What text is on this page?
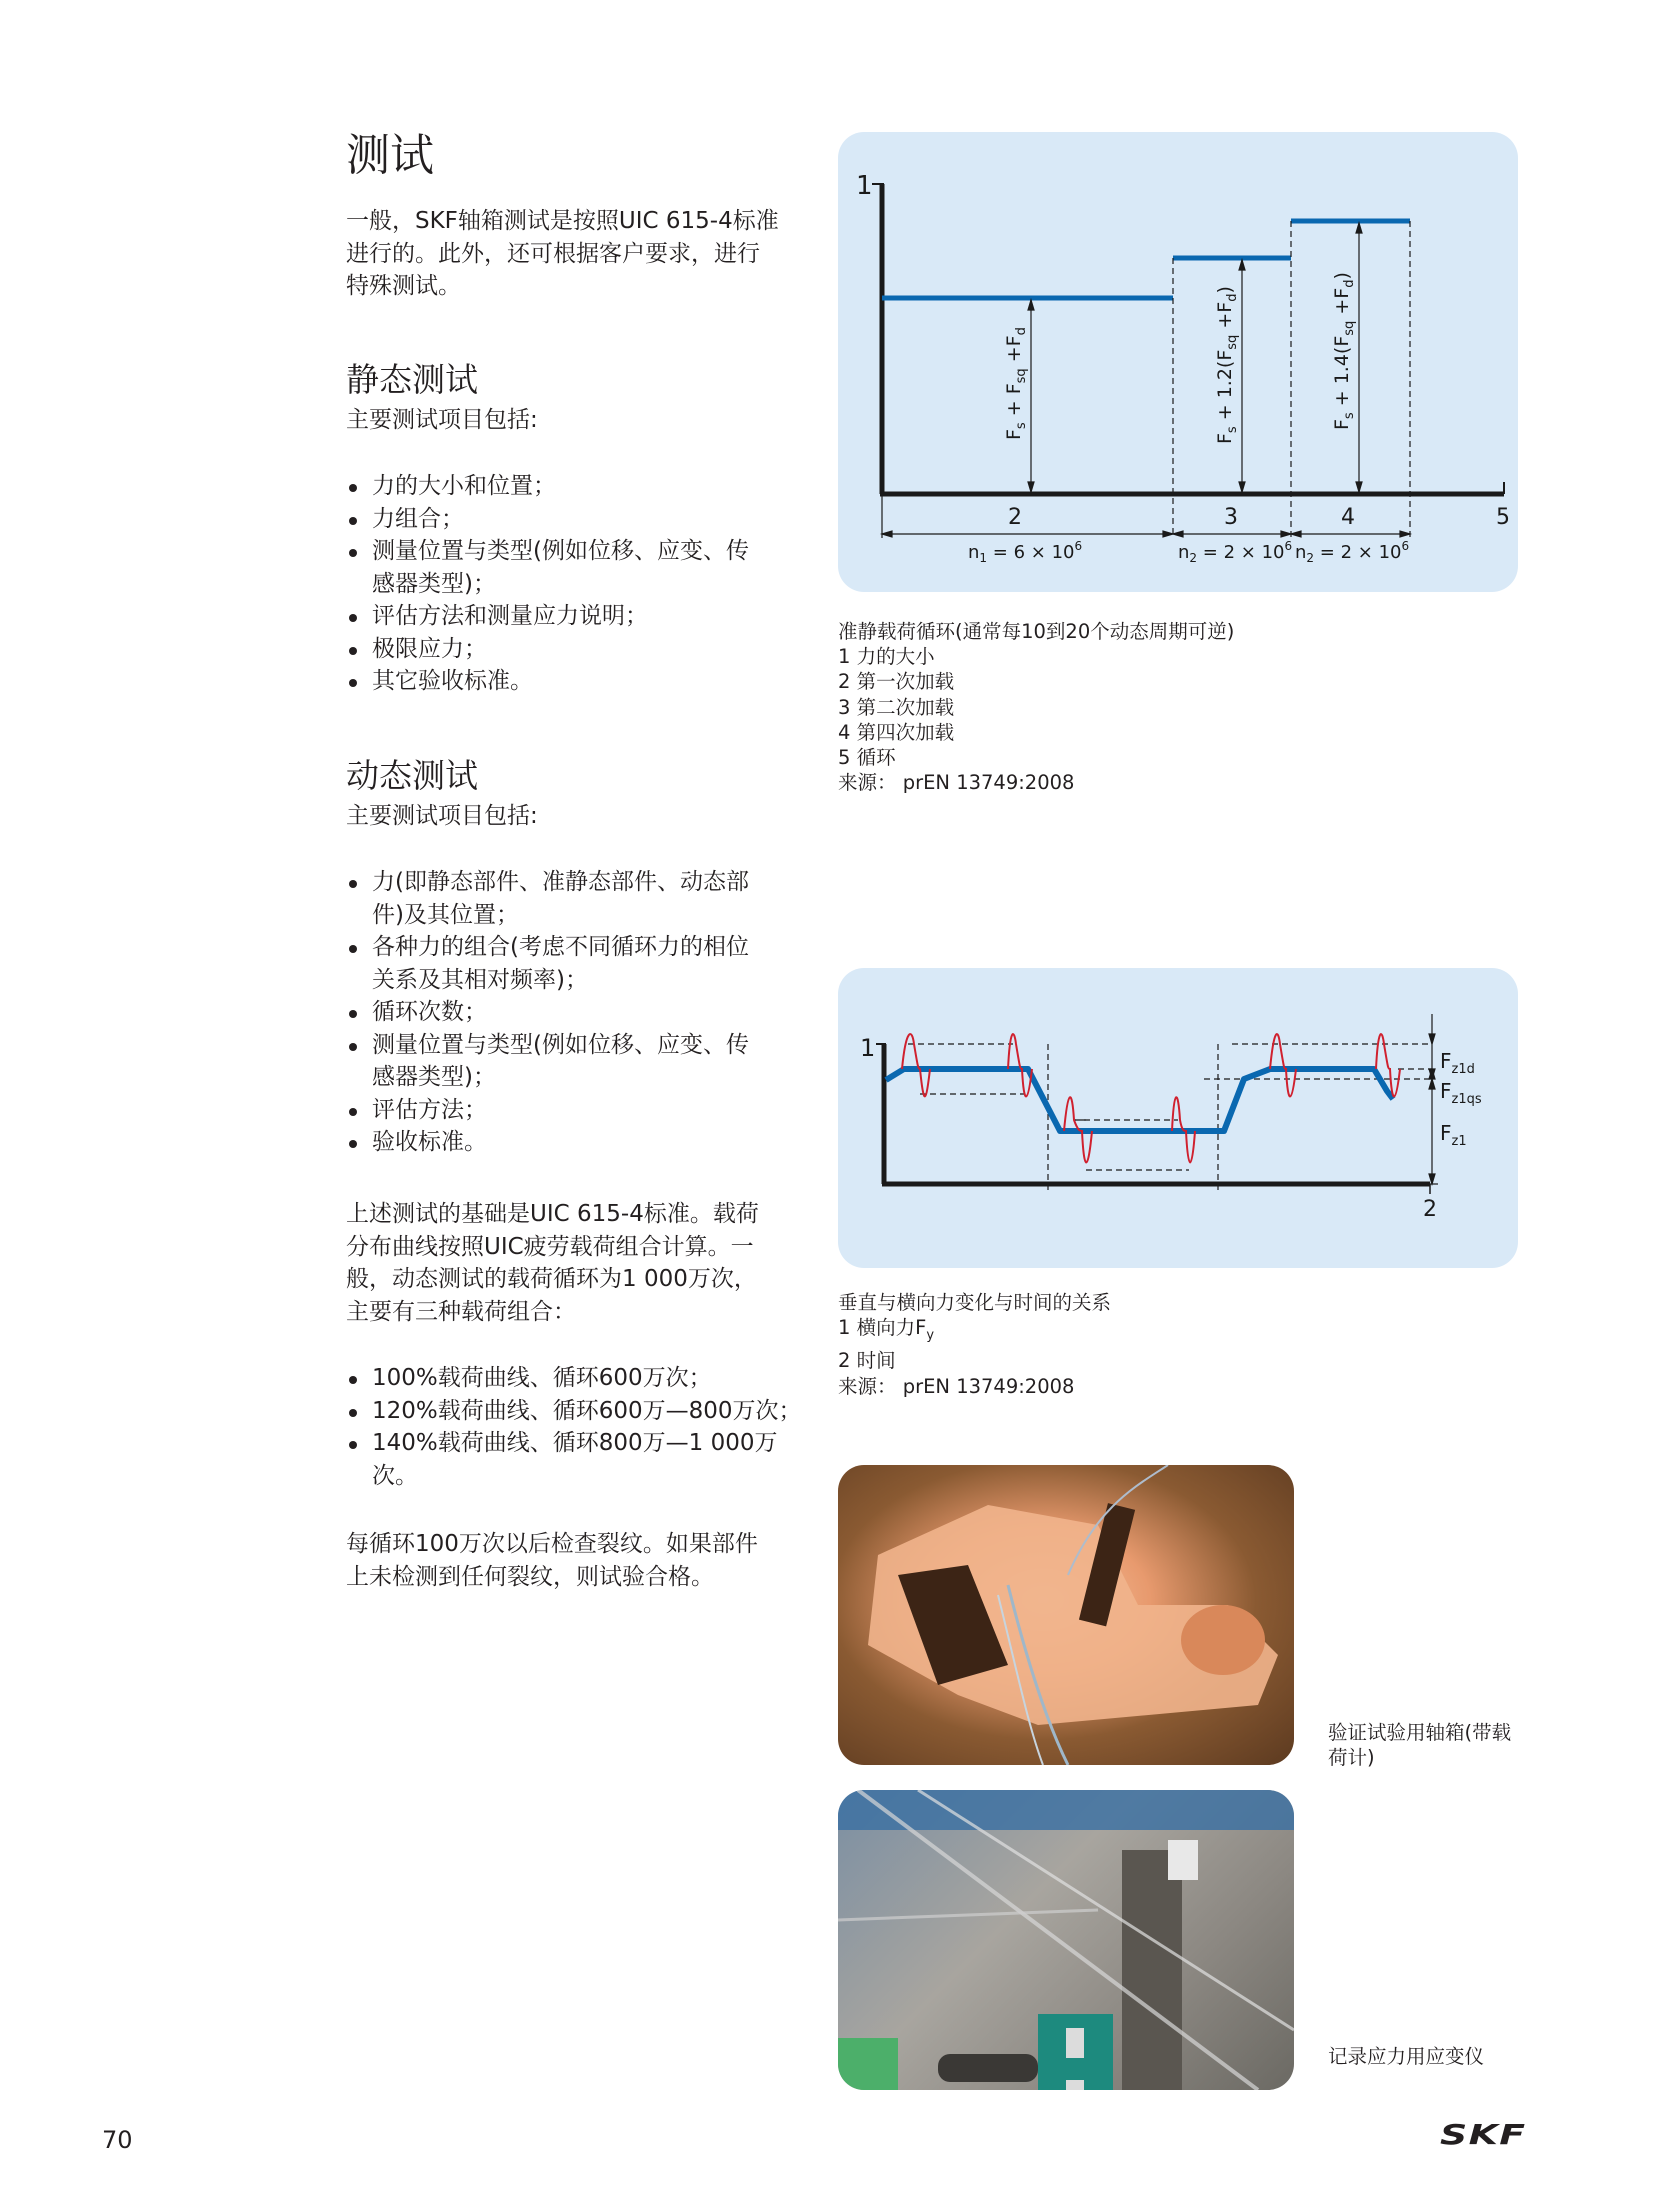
测试
一般，SKF轴箱测试是按照UIC 615-4标准
进行的。此外，还可根据客户要求，进行
特殊测试。
静态测试
主要测试项目包括:
力的大小和位置；
力组合；
测量位置与类型(例如位移、应变、传
感器类型)；
评估方法和测量应力说明；
极限应力；
其它验收标准。
动态测试
主要测试项目包括:
力(即静态部件、准静态部件、动态部
件)及其位置；
各种力的组合(考虑不同循环力的相位
关系及其相对频率)；
循环次数；
测量位置与类型(例如位移、应变、传
感器类型)；
评估方法；
验收标准。
上述测试的基础是UIC 615-4标准。载荷
分布曲线按照UIC疲劳载荷组合计算。一
般，动态测试的载荷循环为1 000万次，
主要有三种载荷组合：
100%载荷曲线、循环600万次；
120%载荷曲线、循环600万—800万次；
140%载荷曲线、循环800万—1 000万
次。
每循环100万次以后检查裂纹。如果部件
上未检测到任何裂纹，则试验合格。
1
5
$F_s + F_{sq} +F_d$
$F_s + 1.2(F_{sq} +F_d)$
$F_s + 1.4(F_{sq} +F_d)$
2	3	4
$n_1 = 6 \times 10^6$	$n_2 = 2 \times 10^6$ $n_2 = 2 \times 10^6$
准静载荷循环(通常每10到20个动态周期可逆)
1 力的大小
2 第一次加载
3 第二次加载
4 第四次加载
5 循环
来源： prEN 13749:2008
1
2
$F_{z1d}$
$F_{z1qs}$
$F_{z1}$
垂直与横向力变化与时间的关系
1 横向力$F_y$
2 时间
来源： prEN 13749:2008
验证试验用轴箱(带载
荷计)
记录应力用应变仪
70	SKF
